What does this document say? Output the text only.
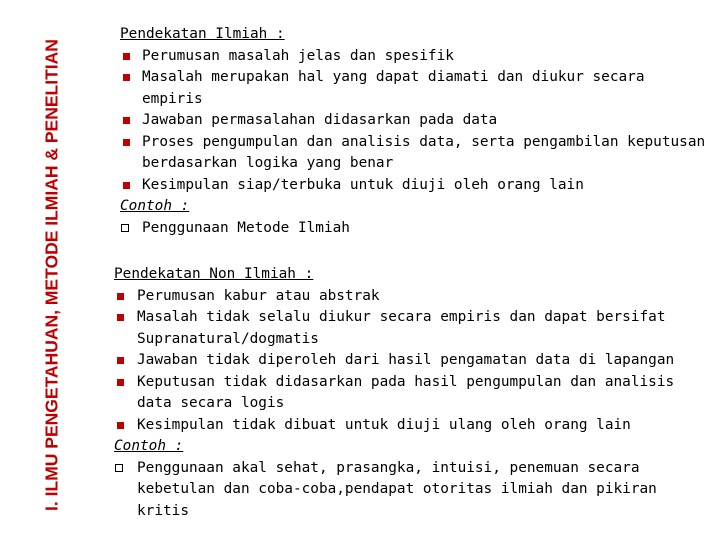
I. ILMU PENGETAHUAN, METODE ILMIAH & PENELITIAN
Pendekatan Ilmiah :
Perumusan masalah jelas dan spesifik
Masalah merupakan hal yang dapat diamati dan diukur secara empiris
Jawaban permasalahan didasarkan pada data
Proses pengumpulan dan analisis data, serta pengambilan keputusan berdasarkan logika yang benar
Kesimpulan siap/terbuka untuk diuji oleh orang lain
Contoh :
Penggunaan Metode Ilmiah
Pendekatan Non Ilmiah :
Perumusan kabur atau abstrak
Masalah tidak selalu diukur secara empiris dan dapat bersifat Supranatural/dogmatis
Jawaban tidak diperoleh dari hasil pengamatan data di lapangan
Keputusan tidak didasarkan pada hasil pengumpulan dan analisis data secara logis
Kesimpulan tidak dibuat untuk diuji ulang oleh orang lain
Contoh :
Penggunaan akal sehat, prasangka, intuisi, penemuan secara kebetulan dan coba-coba,pendapat otoritas ilmiah dan pikiran kritis
